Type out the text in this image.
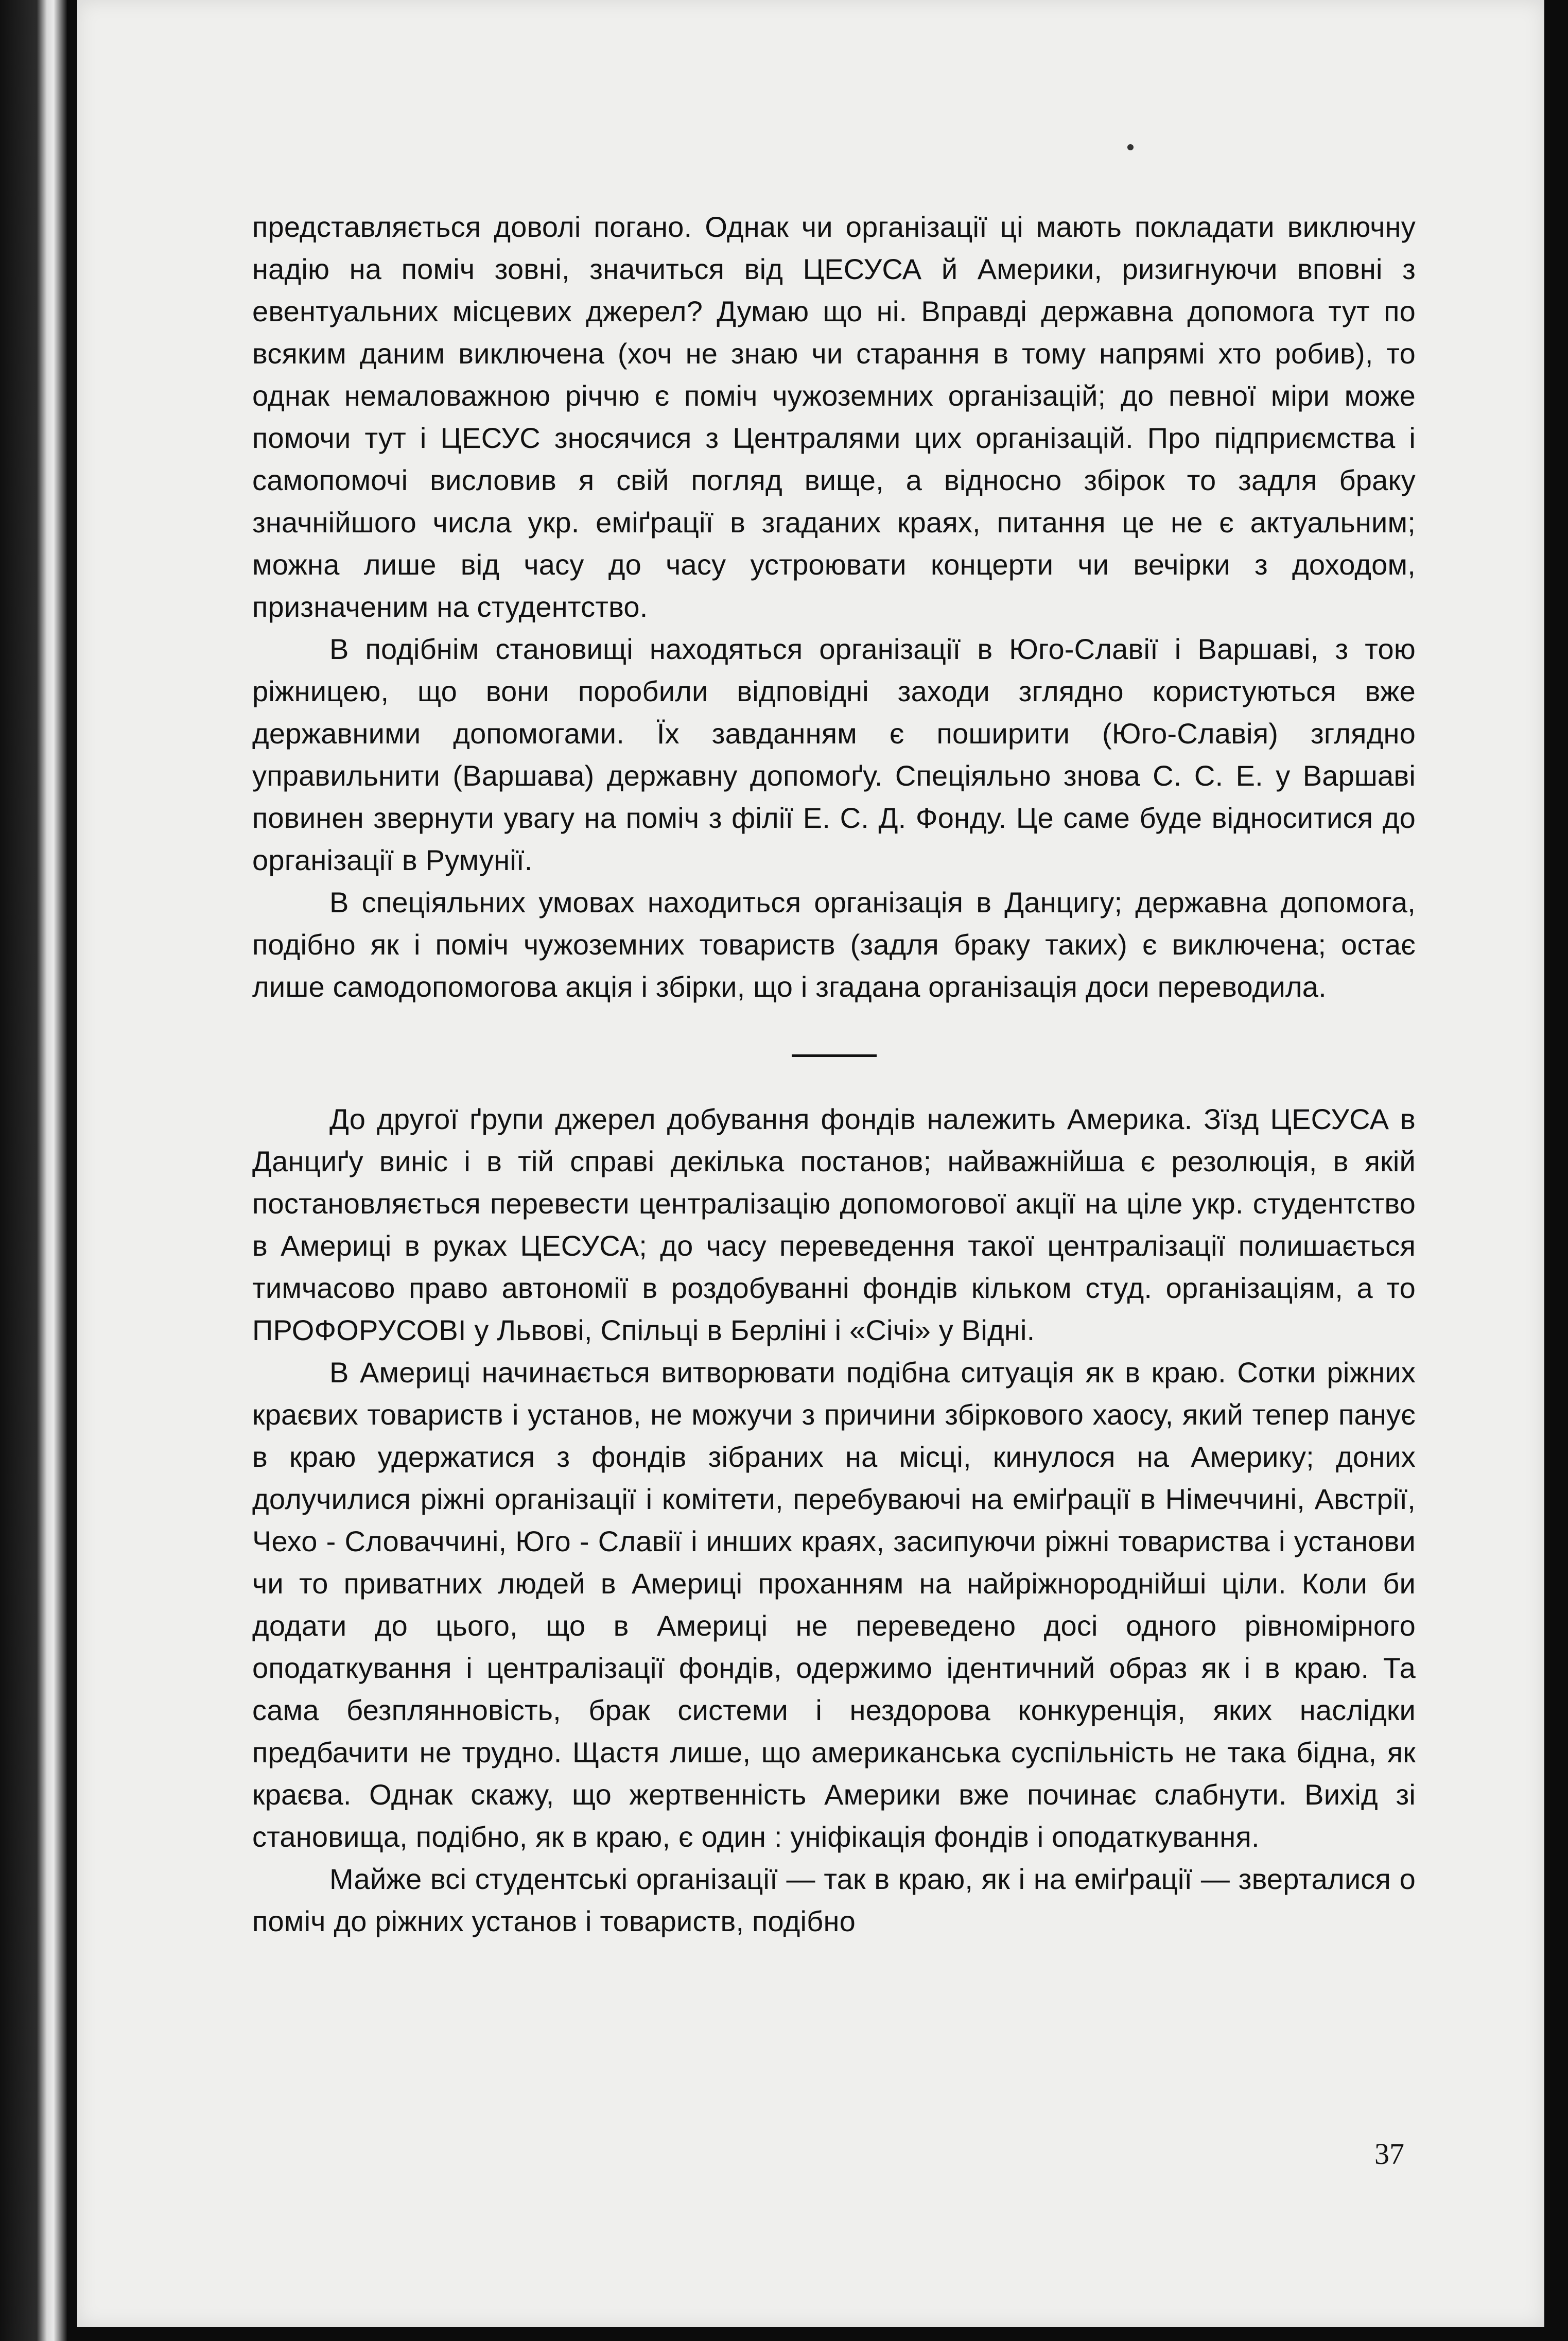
представляється доволі погано. Однак чи організації ці мають покладати виключну надію на поміч зовні, значиться від ЦЕСУСА й Америки, ризигнуючи вповні з евентуальних місцевих джерел? Думаю що ні. Вправді державна допомога тут по всяким даним виключена (хоч не знаю чи старання в тому напрямі хто робив), то однак немаловажною річчю є поміч чужоземних організацій; до певної міри може помочи тут і ЦЕСУС зносячися з Централями цих організацій. Про підприємства і самопомочі висловив я свій погляд вище, а відносно збірок то задля браку значнійшого числа укр. еміґрації в згаданих краях, питання це не є актуальним; можна лише від часу до часу устроювати концерти чи вечірки з доходом, призначеним на студентство.

В подібнім становищі находяться організації в Юго-Славії і Варшаві, з тою ріжницею, що вони поробили відповідні заходи зглядно користуються вже державними допомогами. Їх завданням є поширити (Юго-Славія) зглядно управильнити (Варшава) державну допомоґу. Спеціяльно знова С. С. Е. у Варшаві повинен звернути увагу на поміч з філії Е. С. Д. Фонду. Це саме буде відноситися до організації в Румунії.

В спеціяльних умовах находиться організація в Данцигу; державна допомога, подібно як і поміч чужоземних товариств (задля браку таких) є виключена; остає лише самодопомогова акція і збірки, що і згадана організація доси переводила.

До другої ґрупи джерел добування фондів належить Америка. Зїзд ЦЕСУСА в Данциґу виніс і в тій справі декілька постанов; найважнійша є резолюція, в якій постановляється перевести централізацію допомогової акції на ціле укр. студентство в Америці в руках ЦЕСУСА; до часу переведення такої централізації полишається тимчасово право автономії в роздобуванні фондів кільком студ. організаціям, а то ПРОФОРУСОВІ у Львові, Спільці в Берліні і «Січі» у Відні.

В Америці начинається витворювати подібна ситуація як в краю. Сотки ріжних краєвих товариств і установ, не можучи з причини збіркового хаосу, який тепер панує в краю удержатися з фондів зібраних на місці, кинулося на Америку; доних долучилися ріжні організації і комітети, перебуваючі на еміґрації в Німеччині, Австрії, Чехо - Словаччині, Юго - Славії і инших краях, засипуючи ріжні товариства і установи чи то приватних людей в Америці проханням на найріжнороднійші ціли. Коли би додати до цього, що в Америці не переведено досі одного рівномірного оподаткування і централізації фондів, одержимо ідентичний образ як і в краю. Та сама безплянновість, брак системи і нездорова конкуренція, яких наслідки предбачити не трудно. Щастя лише, що американська суспільність не така бідна, як краєва. Однак скажу, що жертвенність Америки вже починає слабнути. Вихід зі становища, подібно, як в краю, є один : уніфікація фондів і оподаткування.

Майже всі студентські організації — так в краю, як і на еміґрації — зверталися о поміч до ріжних установ і товариств, подібно

37
